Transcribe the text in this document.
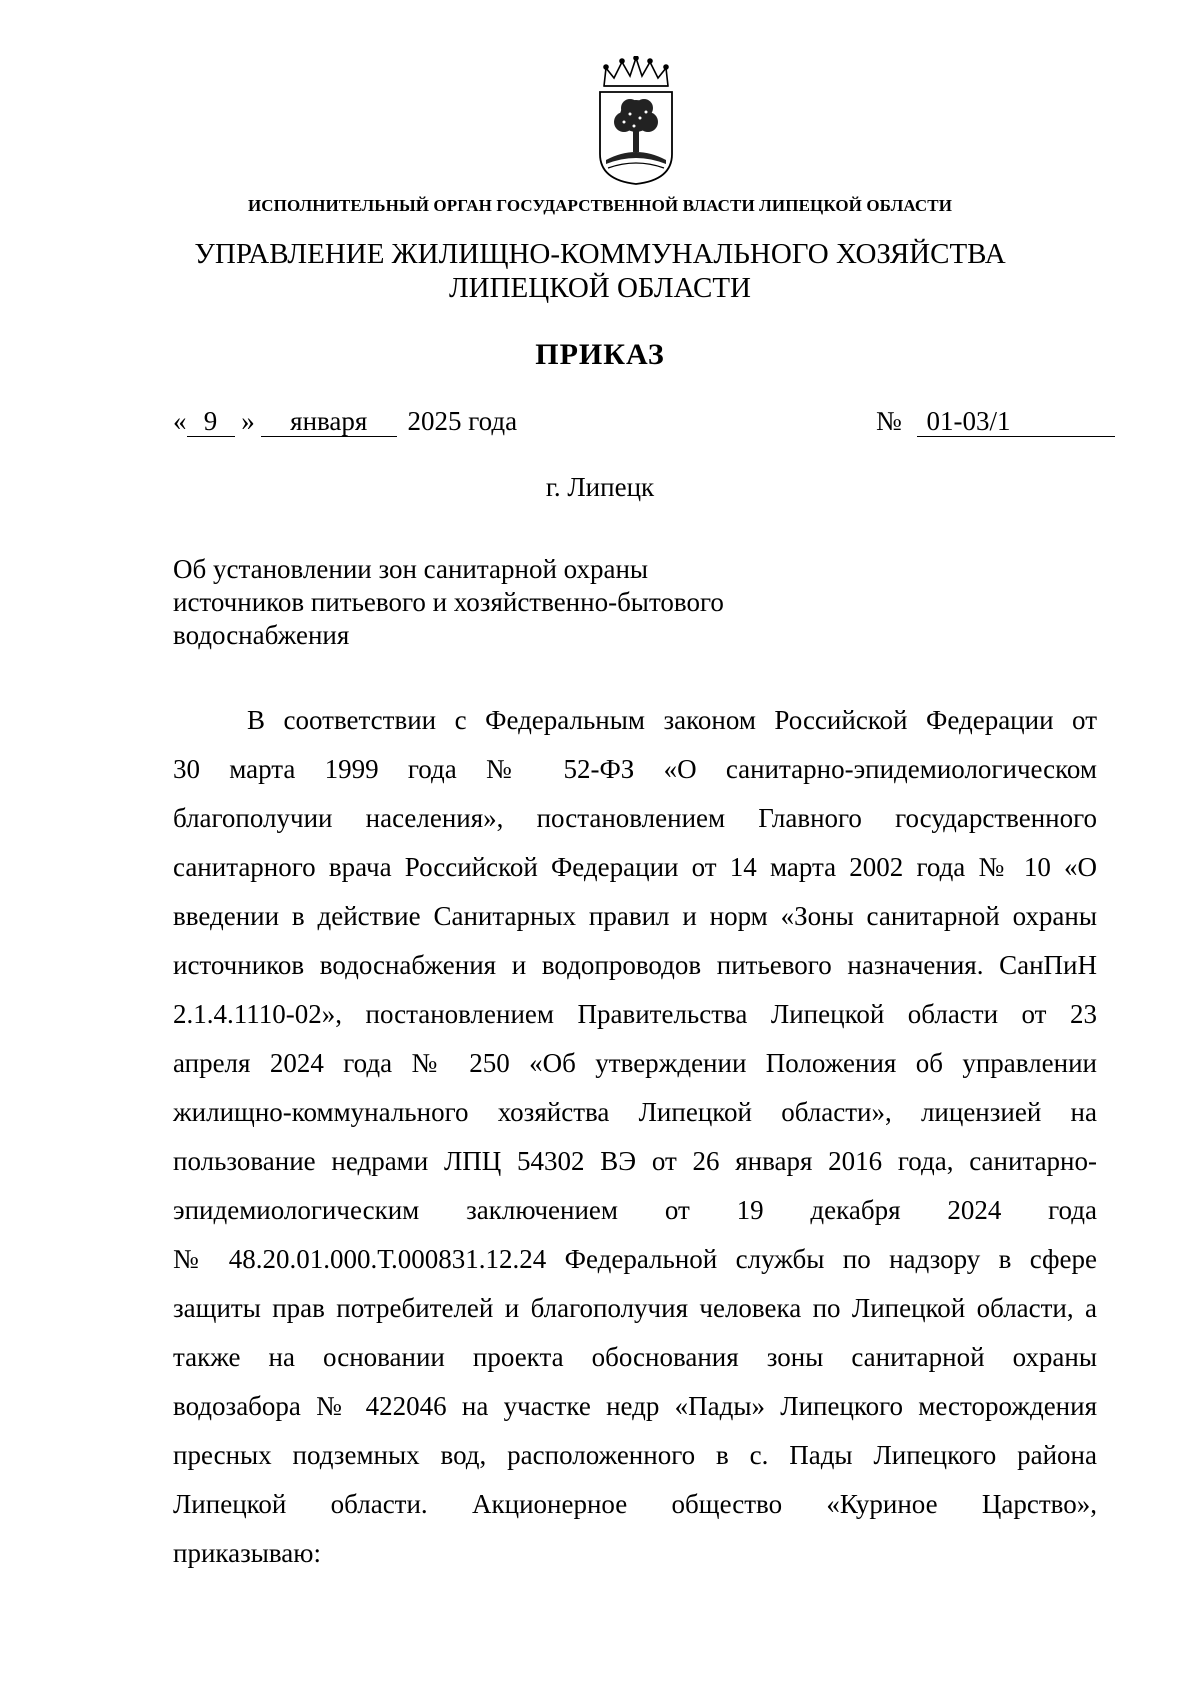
ИСПОЛНИТЕЛЬНЫЙ ОРГАН ГОСУДАРСТВЕННОЙ ВЛАСТИ ЛИПЕЦКОЙ ОБЛАСТИ
УПРАВЛЕНИЕ ЖИЛИЩНО-КОММУНАЛЬНОГО ХОЗЯЙСТВА
ЛИПЕЦКОЙ ОБЛАСТИ
ПРИКАЗ
« 9 » января 2025 года	№ 01-03/1
г. Липецк
Об установлении зон санитарной охраны
источников питьевого и хозяйственно-бытового
водоснабжения
В соответствии с Федеральным законом Российской Федерации от
30 марта 1999 года № 52-ФЗ «О санитарно-эпидемиологическом
благополучии населения», постановлением Главного государственного
санитарного врача Российской Федерации от 14 марта 2002 года № 10 «О
введении в действие Санитарных правил и норм «Зоны санитарной охраны
источников водоснабжения и водопроводов питьевого назначения. СанПиН
2.1.4.1110-02», постановлением Правительства Липецкой области от 23
апреля 2024 года № 250 «Об утверждении Положения об управлении
жилищно-коммунального хозяйства Липецкой области», лицензией на
пользование недрами ЛПЦ 54302 ВЭ от 26 января 2016 года, санитарно-
эпидемиологическим заключением от 19 декабря 2024 года
№ 48.20.01.000.Т.000831.12.24 Федеральной службы по надзору в сфере
защиты прав потребителей и благополучия человека по Липецкой области, а
также на основании проекта обоснования зоны санитарной охраны
водозабора № 422046 на участке недр «Пады» Липецкого месторождения
пресных подземных вод, расположенного в с. Пады Липецкого района
Липецкой области. Акционерное общество «Куриное Царство»,
приказываю:
